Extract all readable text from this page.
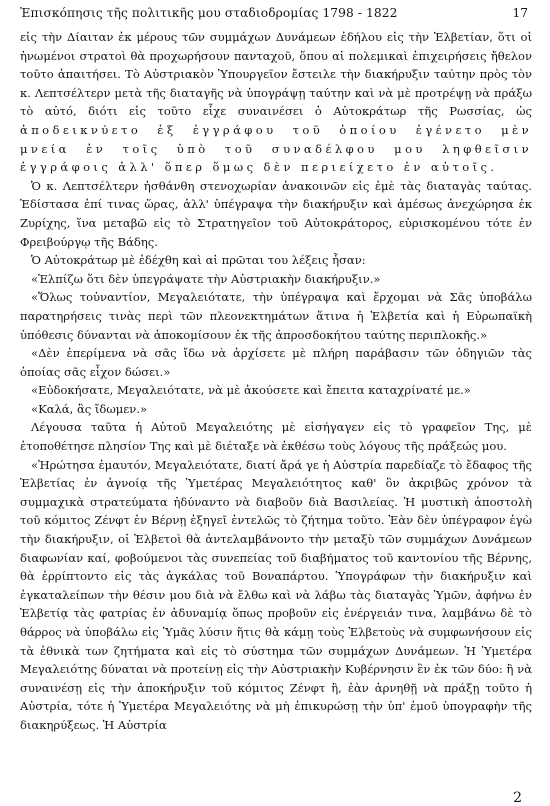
Ἐπισκόπησις τῆς πολιτικῆς μου σταδιοδρομίας 1798 - 1822	17

εἰς τὴν Δίαιταν ἐκ μέρους τῶν συμμάχων Δυνάμεων ἐδήλου εἰς τὴν Ἑλβετίαν, ὅτι οἱ ἡνωμένοι στρατοὶ θὰ προχωρήσουν πανταχοῦ, ὅπου αἱ πολεμικαὶ ἐπιχειρήσεις ἤθελον τοῦτο ἀπαιτήσει. Τὸ Αὐστριακὸν Ὑπουργεῖον ἔστειλε τὴν διακήρυξιν ταύτην πρὸς τὸν κ. Λεπτσέλτερν μετὰ τῆς διαταγῆς νὰ ὑπογράψῃ ταύτην καὶ νὰ μὲ προτρέψῃ νὰ πράξω τὸ αὐτό, διότι εἰς τοῦτο εἶχε συναινέσει ὁ Αὐτοκράτωρ τῆς Ρωσσίας, ὡς ἀποδεικνύετο ἐξ ἐγγράφου τοῦ ὁποίου ἐγένετο μὲν μνεία ἐν τοῖς ὑπὸ τοῦ συναδέλφου μου ληφθεῖσιν ἐγγράφοις ἀλλ' ὅπερ ὅμως δὲν περιείχετο ἐν αὐτοῖς.

Ὁ κ. Λεπτσέλτερν ἠσθάνθη στενοχωρίαν ἀνακοινῶν εἰς ἐμὲ τὰς διαταγὰς ταύτας. Ἐδίστασα ἐπί τινας ὥρας, ἀλλ' ὑπέγραψα τὴν διακήρυξιν καὶ ἀμέσως ἀνεχώρησα ἐκ Ζυρίχης, ἵνα μεταβῶ εἰς τὸ Στρατηγεῖον τοῦ Αὐτοκράτορος, εὑρισκομένου τότε ἐν Φρειβούργῳ τῆς Βάδης.

Ὁ Αὐτοκράτωρ μὲ ἐδέχθη καὶ αἱ πρῶται του λέξεις ἦσαν:

«Ἐλπίζω ὅτι δὲν ὑπεγράψατε τὴν Αὐστριακὴν διακήρυξιν.»

«Ὅλως τοὐναντίον, Μεγαλειότατε, τὴν ὑπέγραψα καὶ ἔρχομαι νὰ Σᾶς ὑποβάλω παρατηρήσεις τινὰς περὶ τῶν πλεονεκτημάτων ἅτινα ἡ Ἑλβετία καὶ ἡ Εὐρωπαϊκὴ ὑπόθεσις δύνανται νὰ ἀποκομίσουν ἐκ τῆς ἀπροσδοκήτου ταύτης περιπλοκῆς.»

«Δὲν ἐπερίμενα νὰ σᾶς ἴδω νὰ ἀρχίσετε μὲ πλήρη παράβασιν τῶν ὁδηγιῶν τὰς ὁποίας σᾶς εἶχον δώσει.»

«Εὐδοκήσατε, Μεγαλειότατε, νὰ μὲ ἀκούσετε καὶ ἔπειτα καταχρίνατέ με.»

«Καλά, ἂς ἴδωμεν.»

Λέγουσα ταῦτα ἡ Αὐτοῦ Μεγαλειότης μὲ εἰσήγαγεν εἰς τὸ γραφεῖον Της, μὲ ἐτοποθέτησε πλησίον Της καὶ μὲ διέταξε νὰ ἐκθέσω τοὺς λόγους τῆς πράξεώς μου.

«Ἠρώτησα ἐμαυτόν, Μεγαλειότατε, διατί ἄρά γε ἡ Αὐστρία παρεδίαζε τὸ ἔδαφος τῆς Ἑλβετίας ἐν ἀγνοίᾳ τῆς Ὑμετέρας Μεγαλειότητος καθ' ὃν ἀκριβῶς χρόνον τὰ συμμαχικὰ στρατεύματα ἠδύναντο νὰ διαβοῦν διὰ Βασιλείας. Ἡ μυστικὴ ἀποστολὴ τοῦ κόμιτος Ζένφτ ἐν Βέρνῃ ἐξηγεῖ ἐντελῶς τὸ ζήτημα τοῦτο. Ἐὰν δὲν ὑπέγραφον ἐγὼ τὴν διακήρυξιν, οἱ Ἑλβετοὶ θὰ ἀντελαμβάνοντο τὴν μεταξὺ τῶν συμμάχων Δυνάμεων διαφωνίαν καί, φοβούμενοι τὰς συνεπείας τοῦ διαβήματος τοῦ καντονίου τῆς Βέρνης, θὰ ἐρρίπτοντο εἰς τὰς ἀγκάλας τοῦ Βοναπάρτου. Ὑπογράφων τὴν διακήρυξιν καὶ ἐγκαταλείπων τὴν θέσιν μου διὰ νὰ ἔλθω καὶ νὰ λάβω τὰς διαταγὰς Ὑμῶν, ἀφήνω ἐν Ἑλβετίᾳ τὰς φατρίας ἐν ἀδυναμίᾳ ὅπως προβοῦν εἰς ἐνέργειάν τινα, λαμβάνω δὲ τὸ θάρρος νὰ ὑποβάλω εἰς Ὑμᾶς λύσιν ἥτις θὰ κάμῃ τοὺς Ἑλβετοὺς νὰ συμφωνήσουν εἰς τὰ ἐθνικὰ των ζητήματα καὶ εἰς τὸ σύστημα τῶν συμμάχων Δυνάμεων. Ἡ Ὑμετέρα Μεγαλειότης δύναται νὰ προτείνῃ εἰς τὴν Αὐστριακὴν Κυβέρνησιν ἓν ἐκ τῶν δύο: ἢ νὰ συναινέσῃ εἰς τὴν ἀποκήρυξιν τοῦ κόμιτος Ζένφτ ἢ, ἐὰν ἀρνηθῇ νὰ πράξῃ τοῦτο ἡ Αὐστρία, τότε ἡ Ὑμετέρα Μεγαλειότης νὰ μὴ ἐπικυρώσῃ τὴν ὑπ' ἐμοῦ ὑπογραφὴν τῆς διακηρύξεως. Ἡ Αὐστρία

2
